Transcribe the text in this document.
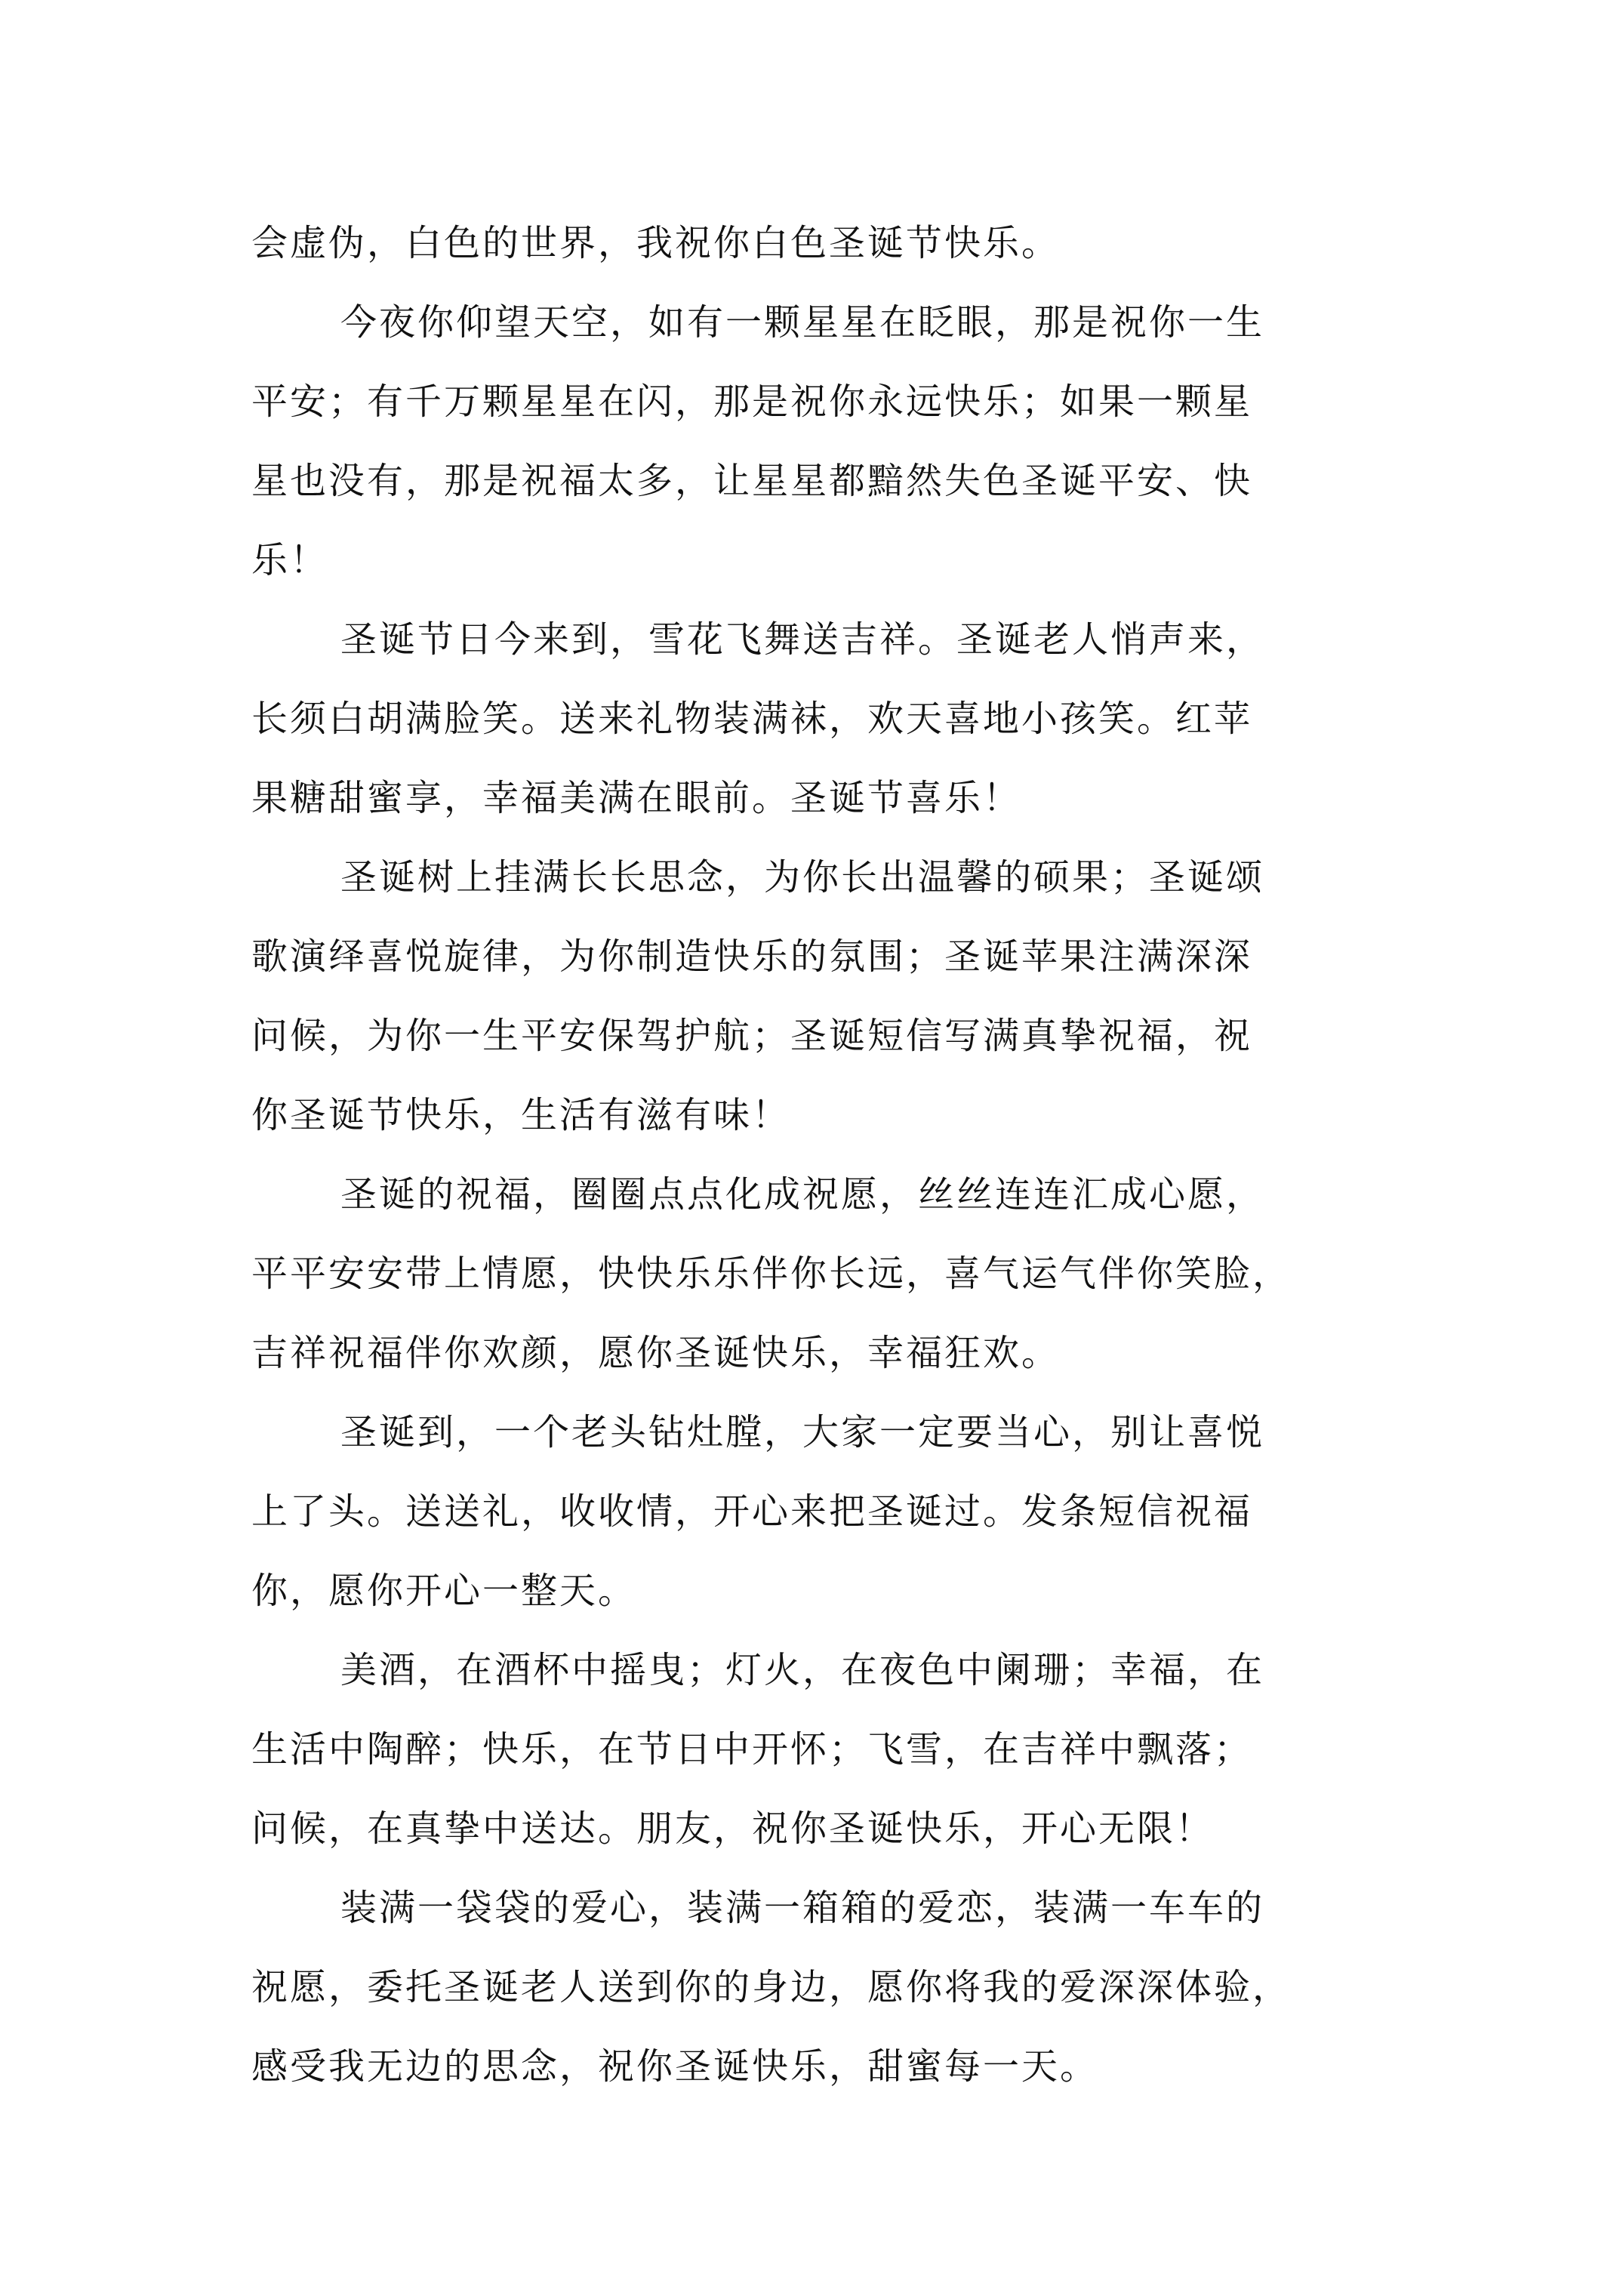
会虚伪，白色的世界，我祝你白色圣诞节快乐。
今夜你仰望天空，如有一颗星星在眨眼，那是祝你一生
平安；有千万颗星星在闪，那是祝你永远快乐；如果一颗星
星也没有，那是祝福太多，让星星都黯然失色圣诞平安、快
乐！
圣诞节日今来到，雪花飞舞送吉祥。圣诞老人悄声来，
长须白胡满脸笑。送来礼物装满袜，欢天喜地小孩笑。红苹
果糖甜蜜享，幸福美满在眼前。圣诞节喜乐！
圣诞树上挂满长长思念，为你长出温馨的硕果；圣诞颂
歌演绎喜悦旋律，为你制造快乐的氛围；圣诞苹果注满深深
问候，为你一生平安保驾护航；圣诞短信写满真挚祝福，祝
你圣诞节快乐，生活有滋有味！
圣诞的祝福，圈圈点点化成祝愿，丝丝连连汇成心愿，
平平安安带上情愿，快快乐乐伴你长远，喜气运气伴你笑脸，
吉祥祝福伴你欢颜，愿你圣诞快乐，幸福狂欢。
圣诞到，一个老头钻灶膛，大家一定要当心，别让喜悦
上了头。送送礼，收收情，开心来把圣诞过。发条短信祝福
你，愿你开心一整天。
美酒，在酒杯中摇曳；灯火，在夜色中阑珊；幸福，在
生活中陶醉；快乐，在节日中开怀；飞雪，在吉祥中飘落；
问候，在真挚中送达。朋友，祝你圣诞快乐，开心无限！
装满一袋袋的爱心，装满一箱箱的爱恋，装满一车车的
祝愿，委托圣诞老人送到你的身边，愿你将我的爱深深体验，
感受我无边的思念，祝你圣诞快乐，甜蜜每一天。
